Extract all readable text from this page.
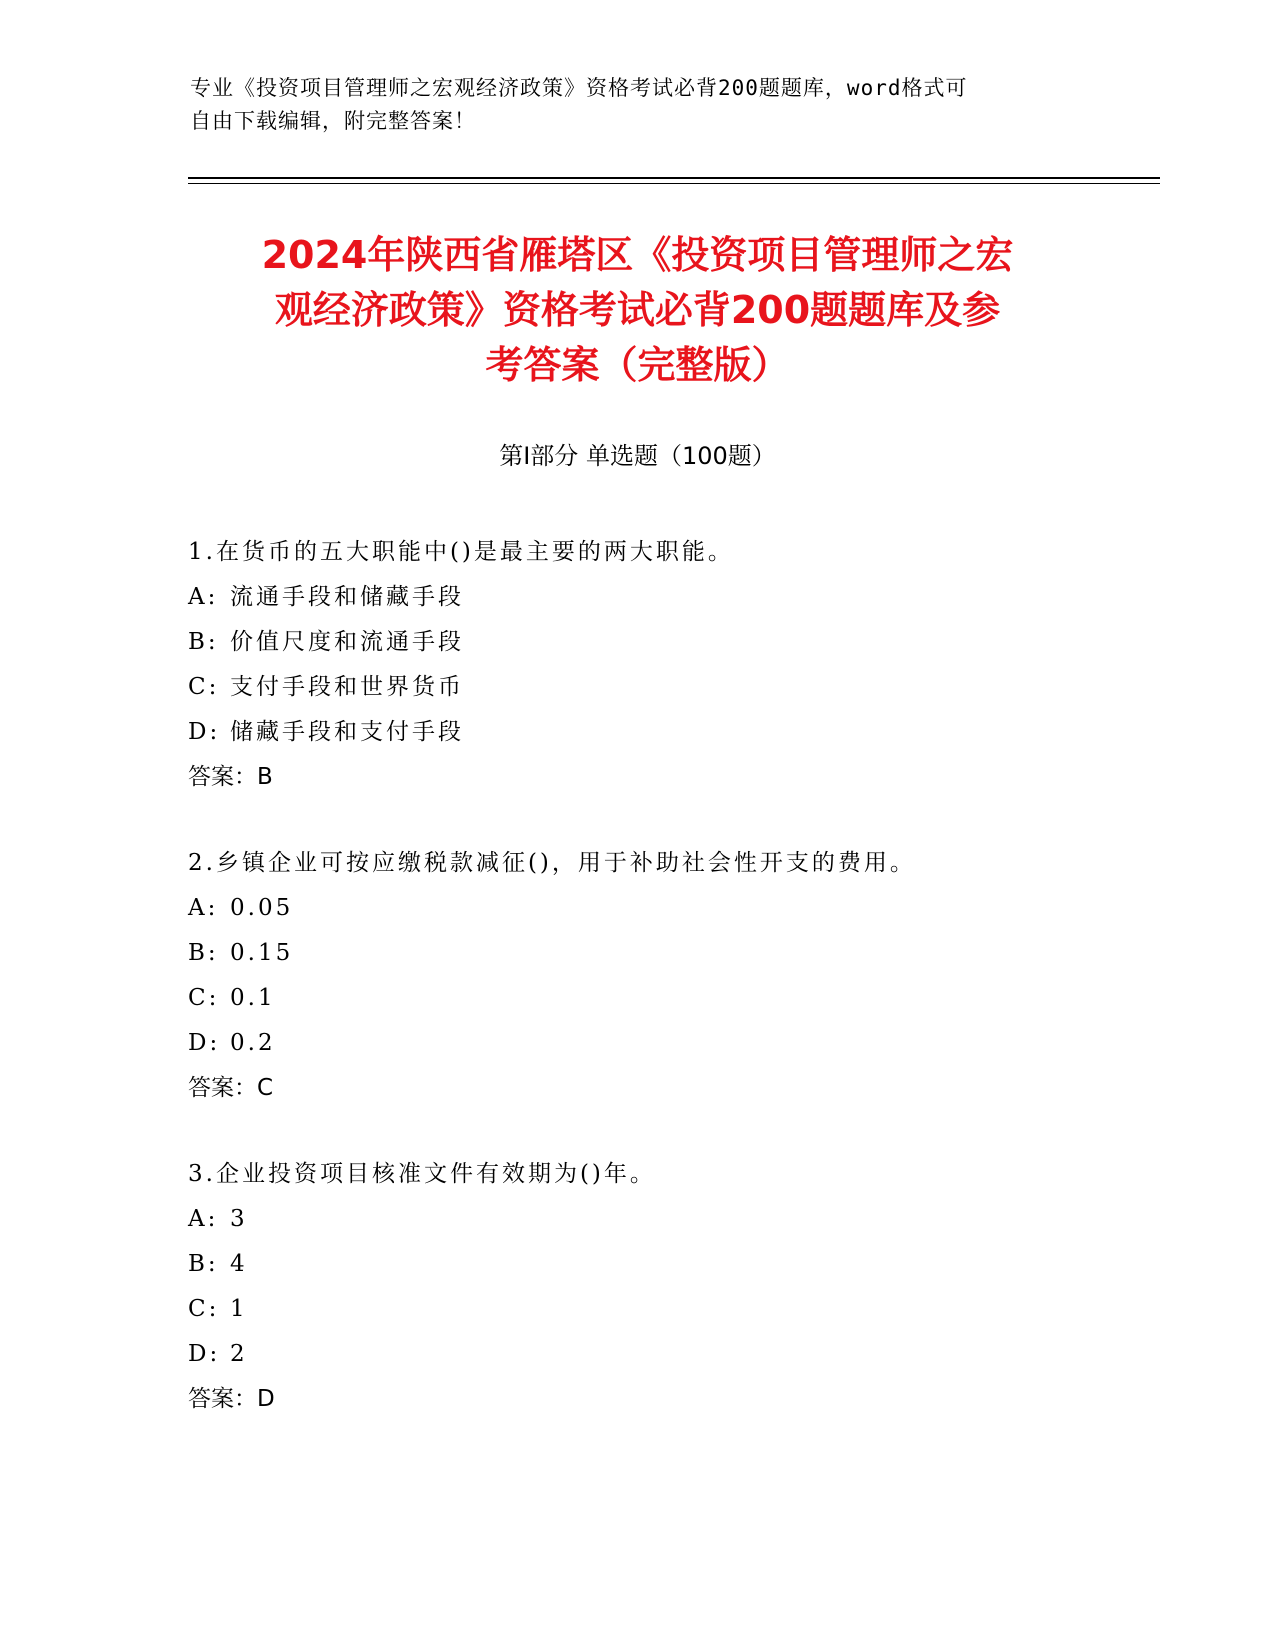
专业《投资项目管理师之宏观经济政策》资格考试必背200题题库，word格式可
自由下载编辑，附完整答案！
2024年陕西省雁塔区《投资项目管理师之宏
观经济政策》资格考试必背200题题库及参
考答案（完整版）
第Ⅰ部分 单选题（100题）
1.在货币的五大职能中()是最主要的两大职能。
A: 流通手段和储藏手段
B: 价值尺度和流通手段
C: 支付手段和世界货币
D: 储藏手段和支付手段
答案：B
2.乡镇企业可按应缴税款减征()，用于补助社会性开支的费用。
A: 0.05
B: 0.15
C: 0.1
D: 0.2
答案：C
3.企业投资项目核准文件有效期为()年。
A: 3
B: 4
C: 1
D: 2
答案：D
